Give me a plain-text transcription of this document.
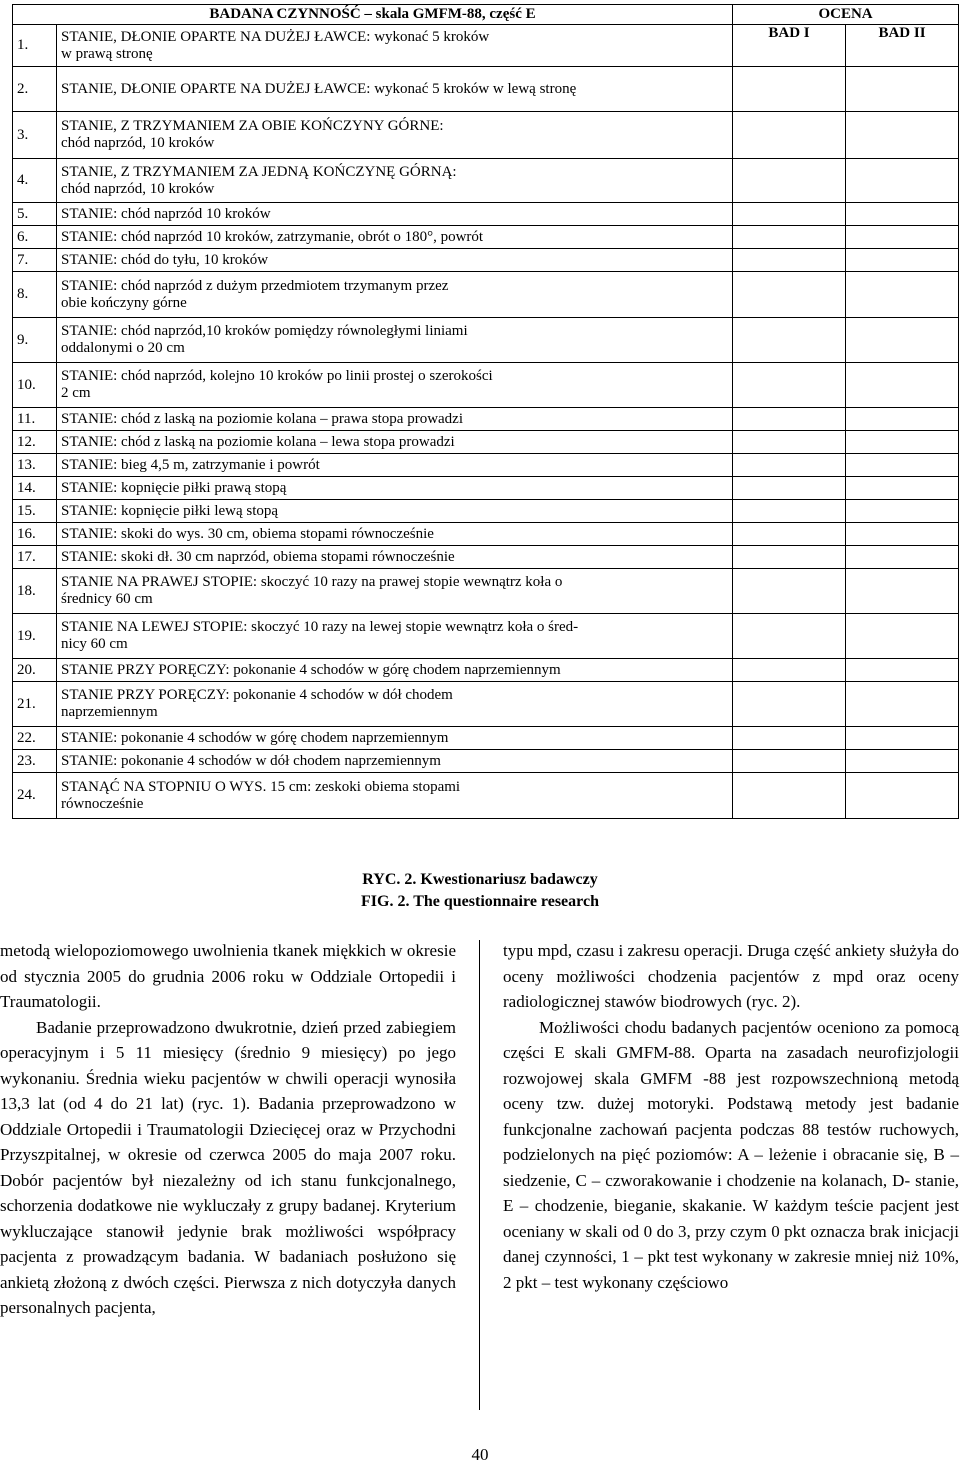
BADANA CZYNNOŚĆ – skala GMFM-88, część E		OCENA	
1.	STANIE, DŁONIE OPARTE NA DUŻEJ ŁAWCE: wykonać 5 kroków
w prawą stronę	BAD I	BAD II
2.	STANIE, DŁONIE OPARTE NA DUŻEJ ŁAWCE: wykonać 5 kroków w lewą stronę		
3.	STANIE, Z TRZYMANIEM ZA OBIE KOŃCZYNY GÓRNE:
chód naprzód, 10 kroków		
4.	STANIE, Z TRZYMANIEM ZA JEDNĄ KOŃCZYNĘ GÓRNĄ:
chód naprzód, 10 kroków		
5.	STANIE: chód naprzód 10 kroków		
6.	STANIE: chód naprzód 10 kroków, zatrzymanie, obrót o 180°, powrót		
7.	STANIE: chód do tyłu, 10 kroków		
8.	STANIE: chód naprzód z dużym przedmiotem trzymanym przez
obie kończyny górne		
9.	STANIE: chód naprzód,10 kroków pomiędzy równoległymi liniami
oddalonymi o 20 cm		
10.	STANIE: chód naprzód, kolejno 10 kroków po linii prostej o szerokości
2 cm		
11.	STANIE: chód z laską na poziomie kolana – prawa stopa prowadzi		
12.	STANIE: chód z laską na poziomie kolana – lewa stopa prowadzi		
13.	STANIE: bieg 4,5 m, zatrzymanie i powrót		
14.	STANIE: kopnięcie piłki prawą stopą		
15.	STANIE: kopnięcie piłki lewą stopą		
16.	STANIE: skoki do wys. 30 cm, obiema stopami równocześnie		
17.	STANIE: skoki dł. 30 cm naprzód, obiema stopami równocześnie		
18.	STANIE NA PRAWEJ STOPIE: skoczyć 10 razy na prawej stopie wewnątrz koła o
średnicy 60 cm		
19.	STANIE NA LEWEJ STOPIE: skoczyć 10 razy na lewej stopie wewnątrz koła o śred-
nicy 60 cm		
20.	STANIE PRZY PORĘCZY: pokonanie 4 schodów w górę chodem naprzemiennym		
21.	STANIE PRZY PORĘCZY: pokonanie 4 schodów w dół chodem
naprzemiennym		
22.	STANIE: pokonanie 4 schodów w górę chodem naprzemiennym		
23.	STANIE: pokonanie 4 schodów w dół chodem naprzemiennym		
24.	STANĄĆ NA STOPNIU O WYS. 15 cm: zeskoki obiema stopami
równocześnie		
RYC. 2. Kwestionariusz badawczy
FIG. 2. The questionnaire research

metodą wielopoziomowego uwolnienia tkanek miękkich w okresie od stycznia 2005 do grudnia 2006 roku w Oddziale Ortopedii i Traumatologii.

Badanie przeprowadzono dwukrotnie, dzień przed zabiegiem operacyjnym i 5 11 miesięcy (średnio 9 miesięcy) po jego wykonaniu. Średnia wieku pacjentów w chwili operacji wynosiła 13,3 lat (od 4 do 21 lat) (ryc. 1). Badania przeprowadzono w Oddziale Ortopedii i Traumatologii Dziecięcej oraz w Przychodni Przyszpitalnej, w okresie od czerwca 2005 do maja 2007 roku. Dobór pacjentów był niezależny od ich stanu funkcjonalnego, schorzenia dodatkowe nie wykluczały z grupy badanej. Kryterium wykluczające stanowił jedynie brak możliwości współpracy pacjenta z prowadzącym badania. W badaniach posłużono się ankietą złożoną z dwóch części. Pierwsza z nich dotyczyła danych personalnych pacjenta,

typu mpd, czasu i zakresu operacji. Druga część ankiety służyła do oceny możliwości chodzenia pacjentów z mpd oraz oceny radiologicznej stawów biodrowych (ryc. 2).

Możliwości chodu badanych pacjentów oceniono za pomocą części E skali GMFM-88. Oparta na zasadach neurofizjologii rozwojowej skala GMFM -88 jest rozpowszechnioną metodą oceny tzw. dużej motoryki. Podstawą metody jest badanie funkcjonalne zachowań pacjenta podczas 88 testów ruchowych, podzielonych na pięć poziomów: A – leżenie i obracanie się, B – siedzenie, C – czworakowanie i chodzenie na kolanach, D- stanie, E – chodzenie, bieganie, skakanie. W każdym teście pacjent jest oceniany w skali od 0 do 3, przy czym 0 pkt oznacza brak inicjacji danej czynności, 1 – pkt test wykonany w zakresie mniej niż 10%, 2 pkt – test wykonany częściowo

40
